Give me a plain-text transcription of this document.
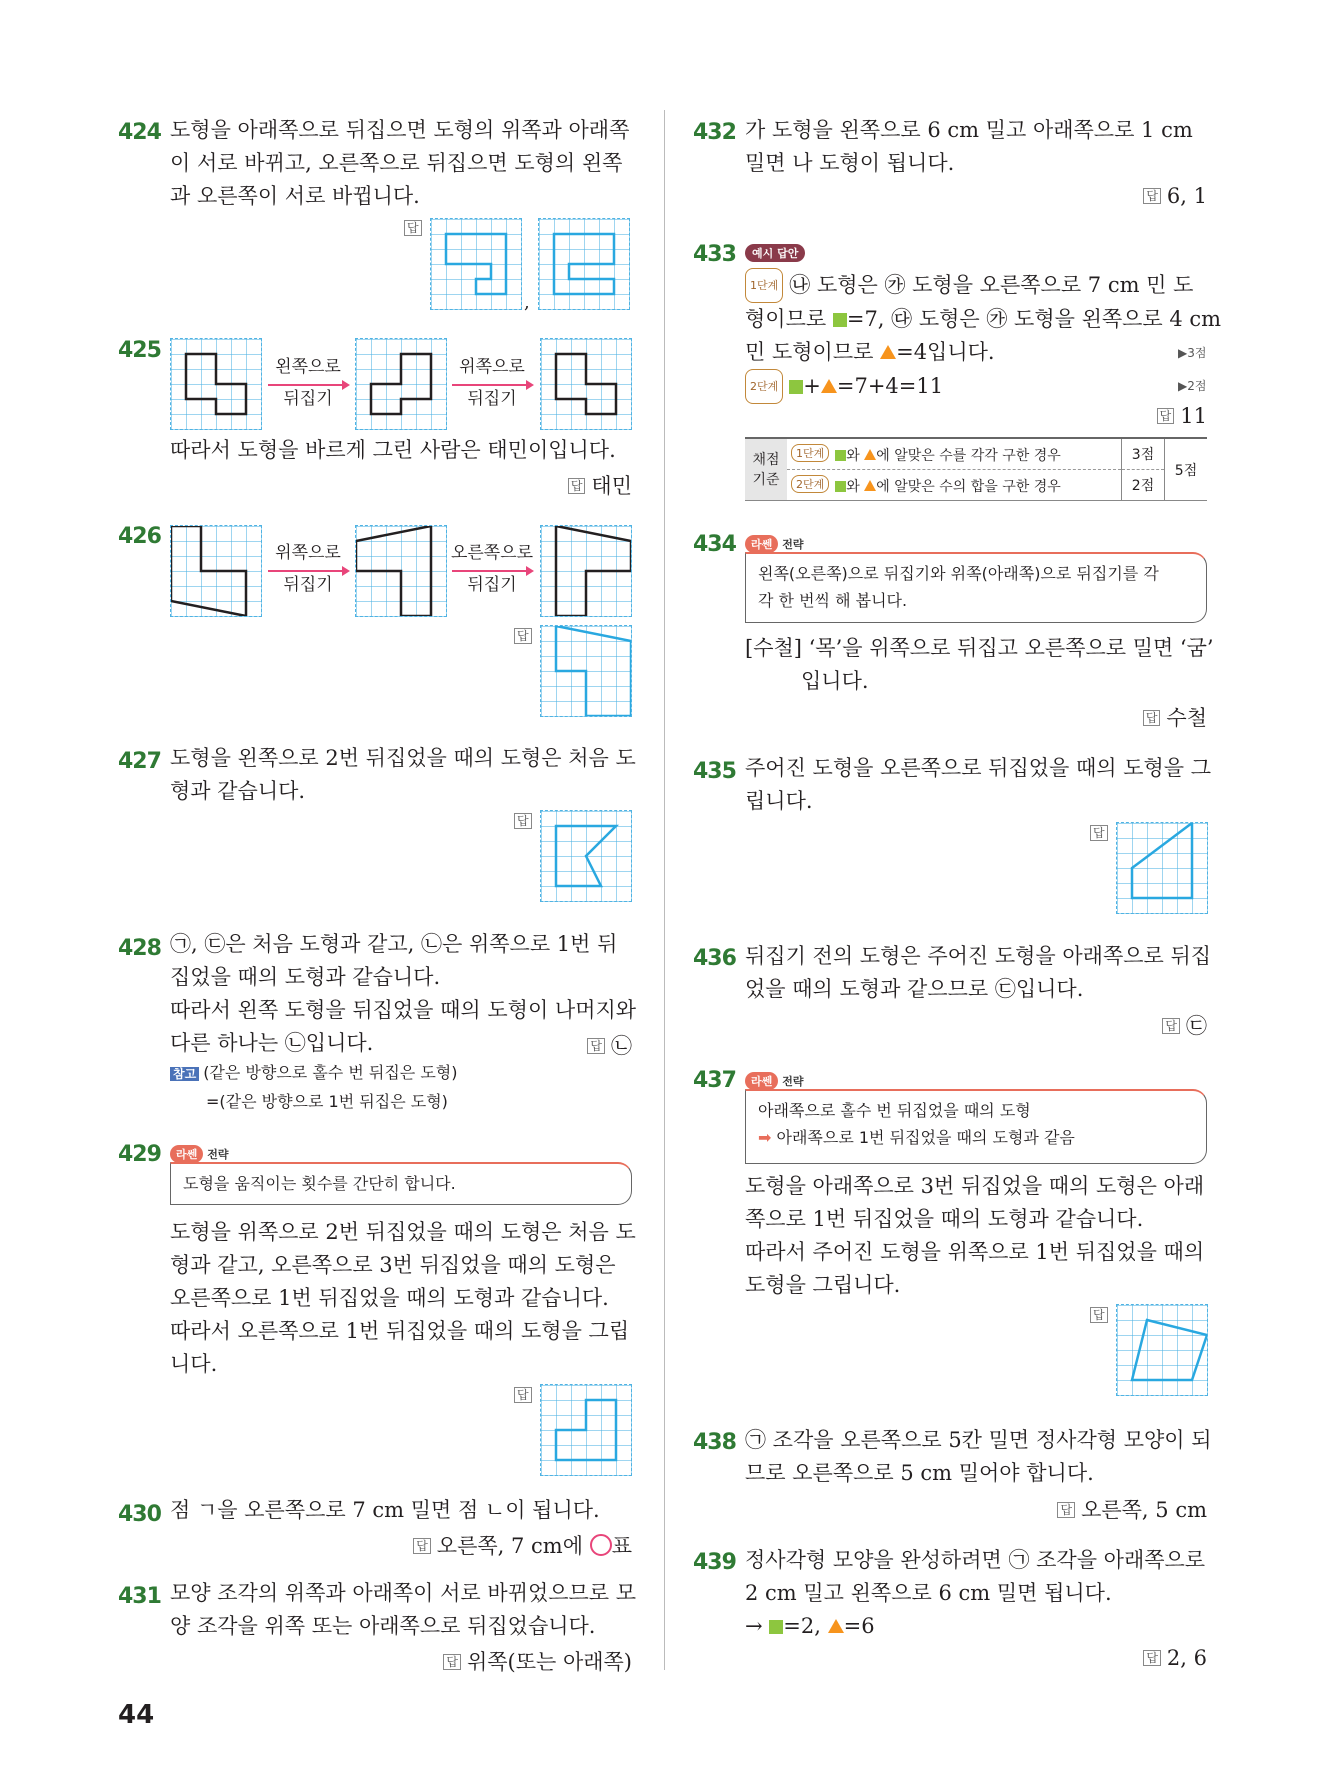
424 도형을 아래쪽으로 뒤집으면 도형의 위쪽과 아래쪽
이 서로 바뀌고, 오른쪽으로 뒤집으면 도형의 왼쪽
과 오른쪽이 서로 바뀝니다.
답
,
425
왼쪽으로
뒤집기
위쪽으로
뒤집기
따라서 도형을 바르게 그린 사람은 태민이입니다.
답 태민
426
위쪽으로
뒤집기
오른쪽으로
뒤집기
답
427 도형을 왼쪽으로 2번 뒤집었을 때의 도형은 처음 도
형과 같습니다.
답
428 ㉠, ㉢은 처음 도형과 같고, ㉡은 위쪽으로 1번 뒤
집었을 때의 도형과 같습니다.
따라서 왼쪽 도형을 뒤집었을 때의 도형이 나머지와
다른 하나는 ㉡입니다.	답 ㉡
참고 (같은 방향으로 홀수 번 뒤집은 도형)
=(같은 방향으로 1번 뒤집은 도형)
429	라쎈 전략
도형을 움직이는 횟수를 간단히 합니다.
도형을 위쪽으로 2번 뒤집었을 때의 도형은 처음 도
형과 같고, 오른쪽으로 3번 뒤집었을 때의 도형은
오른쪽으로 1번 뒤집었을 때의 도형과 같습니다.
따라서 오른쪽으로 1번 뒤집었을 때의 도형을 그립
니다.
답
430 점 ㄱ을 오른쪽으로 7 cm 밀면 점 ㄴ이 됩니다.
답 오른쪽, 7 cm에 표
431 모양 조각의 위쪽과 아래쪽이 서로 바뀌었으므로 모
양 조각을 위쪽 또는 아래쪽으로 뒤집었습니다.
답 위쪽(또는 아래쪽)
432 가 도형을 왼쪽으로 6 cm 밀고 아래쪽으로 1 cm
밀면 나 도형이 됩니다.
답 6, 1
433	예시 답안
1단계 ㉯ 도형은 ㉮ 도형을 오른쪽으로 7 cm 민 도
형이므로 =7, ㉰ 도형은 ㉮ 도형을 왼쪽으로 4 cm
민 도형이므로 =4입니다.
2단계 + =7+4=11
▶3점
▶2점
답 11
채점
기준	1단계 와 에 알맞은 수를 각각 구한 경우	3점	5점
	2단계 와 에 알맞은 수의 합을 구한 경우	2점	
434	라쎈 전략
왼쪽(오른쪽)으로 뒤집기와 위쪽(아래쪽)으로 뒤집기를 각
각 한 번씩 해 봅니다.
[수철] ‘목’을 위쪽으로 뒤집고 오른쪽으로 밀면 ‘굼’
입니다.
답 수철
435 주어진 도형을 오른쪽으로 뒤집었을 때의 도형을 그
립니다.
답
436 뒤집기 전의 도형은 주어진 도형을 아래쪽으로 뒤집
었을 때의 도형과 같으므로 ㉢입니다.
답 ㉢
437	라쎈 전략
아래쪽으로 홀수 번 뒤집었을 때의 도형
➡ 아래쪽으로 1번 뒤집었을 때의 도형과 같음
도형을 아래쪽으로 3번 뒤집었을 때의 도형은 아래
쪽으로 1번 뒤집었을 때의 도형과 같습니다.
따라서 주어진 도형을 위쪽으로 1번 뒤집었을 때의
도형을 그립니다.
답
438 ㉠ 조각을 오른쪽으로 5칸 밀면 정사각형 모양이 되
므로 오른쪽으로 5 cm 밀어야 합니다.
답 오른쪽, 5 cm
439 정사각형 모양을 완성하려면 ㉠ 조각을 아래쪽으로
2 cm 밀고 왼쪽으로 6 cm 밀면 됩니다.
→ =2, =6
답 2, 6
44
